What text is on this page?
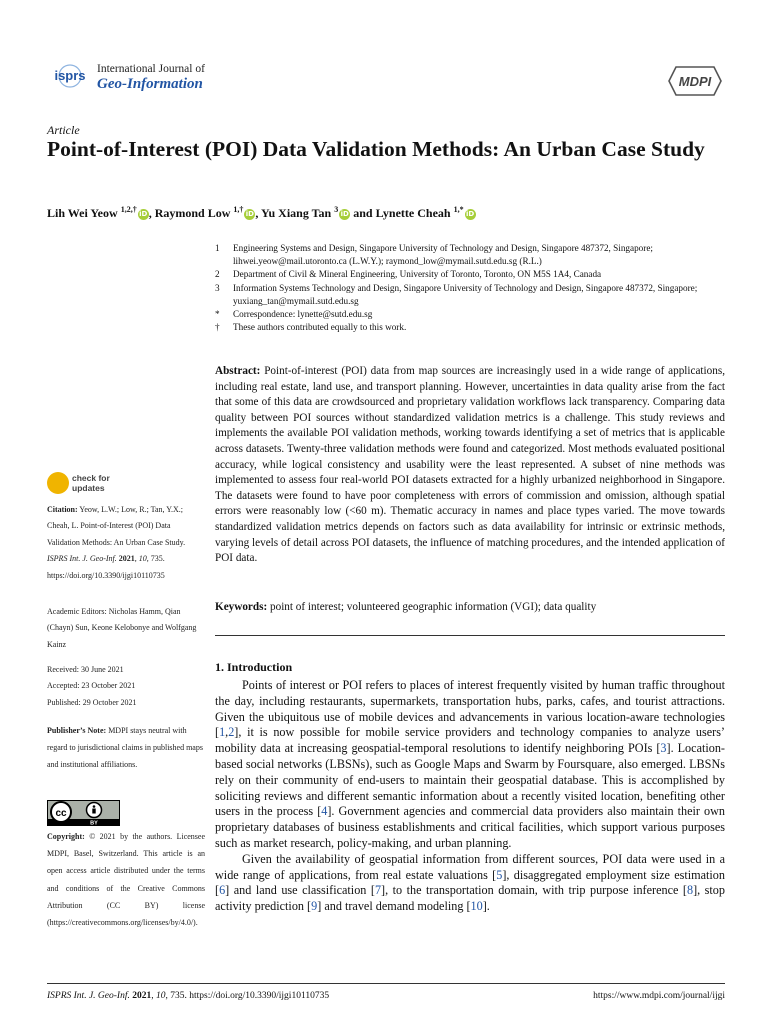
isprs International Journal of
Geo-Information	MDPI
Article
Point-of-Interest (POI) Data Validation Methods: An Urban Case Study
Lih Wei Yeow $^{1,2,\dagger}$ iD, Raymond Low $^{1,\dagger}$ iD, Yu Xiang Tan $^3$ iD and Lynette Cheah $^{1,*}$ iD
1	Engineering Systems and Design, Singapore University of Technology and Design, Singapore 487372, Singapore; lihwei.yeow@mail.utoronto.ca (L.W.Y.); raymond_low@mymail.sutd.edu.sg (R.L.)
2	Department of Civil & Mineral Engineering, University of Toronto, Toronto, ON M5S 1A4, Canada
3	Information Systems Technology and Design, Singapore University of Technology and Design, Singapore 487372, Singapore; yuxiang_tan@mymail.sutd.edu.sg
*	Correspondence: lynette@sutd.edu.sg
†	These authors contributed equally to this work.
Abstract: Point-of-interest (POI) data from map sources are increasingly used in a wide range of applications, including real estate, land use, and transport planning. However, uncertainties in data quality arise from the fact that some of this data are crowdsourced and proprietary validation workflows lack transparency. Comparing data quality between POI sources without standardized validation metrics is a challenge. This study reviews and implements the available POI validation methods, working towards identifying a set of metrics that is applicable across datasets. Twenty-three validation methods were found and categorized. Most methods evaluated positional accuracy, while logical consistency and usability were the least represented. A subset of nine methods was implemented to assess four real-world POI datasets extracted for a highly urbanized neighborhood in Singapore. The datasets were found to have poor completeness with errors of commission and omission, although spatial errors were reasonably low (<60 m). Thematic accuracy in names and place types varied. The move towards standardized validation metrics depends on factors such as data availability for intrinsic or extrinsic methods, varying levels of detail across POI datasets, the influence of matching procedures, and the intended application of POI data.
Keywords: point of interest; volunteered geographic information (VGI); data quality
check for
updates
Citation: Yeow, L.W.; Low, R.; Tan, Y.X.; Cheah, L. Point-of-Interest (POI) Data Validation Methods: An Urban Case Study. ISPRS Int. J. Geo-Inf. 2021, 10, 735. https://doi.org/10.3390/ijgi10110735
Academic Editors: Nicholas Hamm, Qian (Chayn) Sun, Keone Kelobonye and Wolfgang Kainz
Received: 30 June 2021
Accepted: 23 October 2021
Published: 29 October 2021
Publisher’s Note: MDPI stays neutral with regard to jurisdictional claims in published maps and institutional affiliations.
cc
BY
Copyright: © 2021 by the authors. Licensee MDPI, Basel, Switzerland. This article is an open access article distributed under the terms and conditions of the Creative Commons Attribution (CC BY) license (https://creativecommons.org/licenses/by/4.0/).
1. Introduction

Points of interest or POI refers to places of interest frequently visited by human traffic throughout the day, including restaurants, supermarkets, transportation hubs, parks, cafes, and tourist attractions. Given the ubiquitous use of mobile devices and advancements in various location-aware technologies [1,2], it is now possible for mobile service providers and technology companies to analyze users’ mobility data at increasing geospatial-temporal resolutions to identify neighboring POIs [3]. Location-based social networks (LBSNs), such as Google Maps and Swarm by Foursquare, also emerged. LBSNs rely on their community of end-users to maintain their geospatial database. This is accomplished by soliciting reviews and different semantic information about a recently visited location, benefiting other users in the process [4]. Government agencies and commercial data providers also maintain their own proprietary databases of business establishments and critical facilities, which support various purposes such as market research, policy-making, and urban planning.

Given the availability of geospatial information from different sources, POI data were used in a wide range of applications, from real estate valuations [5], disaggregated employment size estimation [6] and land use classification [7], to the transportation domain, with trip purpose inference [8], stop activity prediction [9] and travel demand modeling [10].

ISPRS Int. J. Geo-Inf. 2021, 10, 735. https://doi.org/10.3390/ijgi10110735	https://www.mdpi.com/journal/ijgi
